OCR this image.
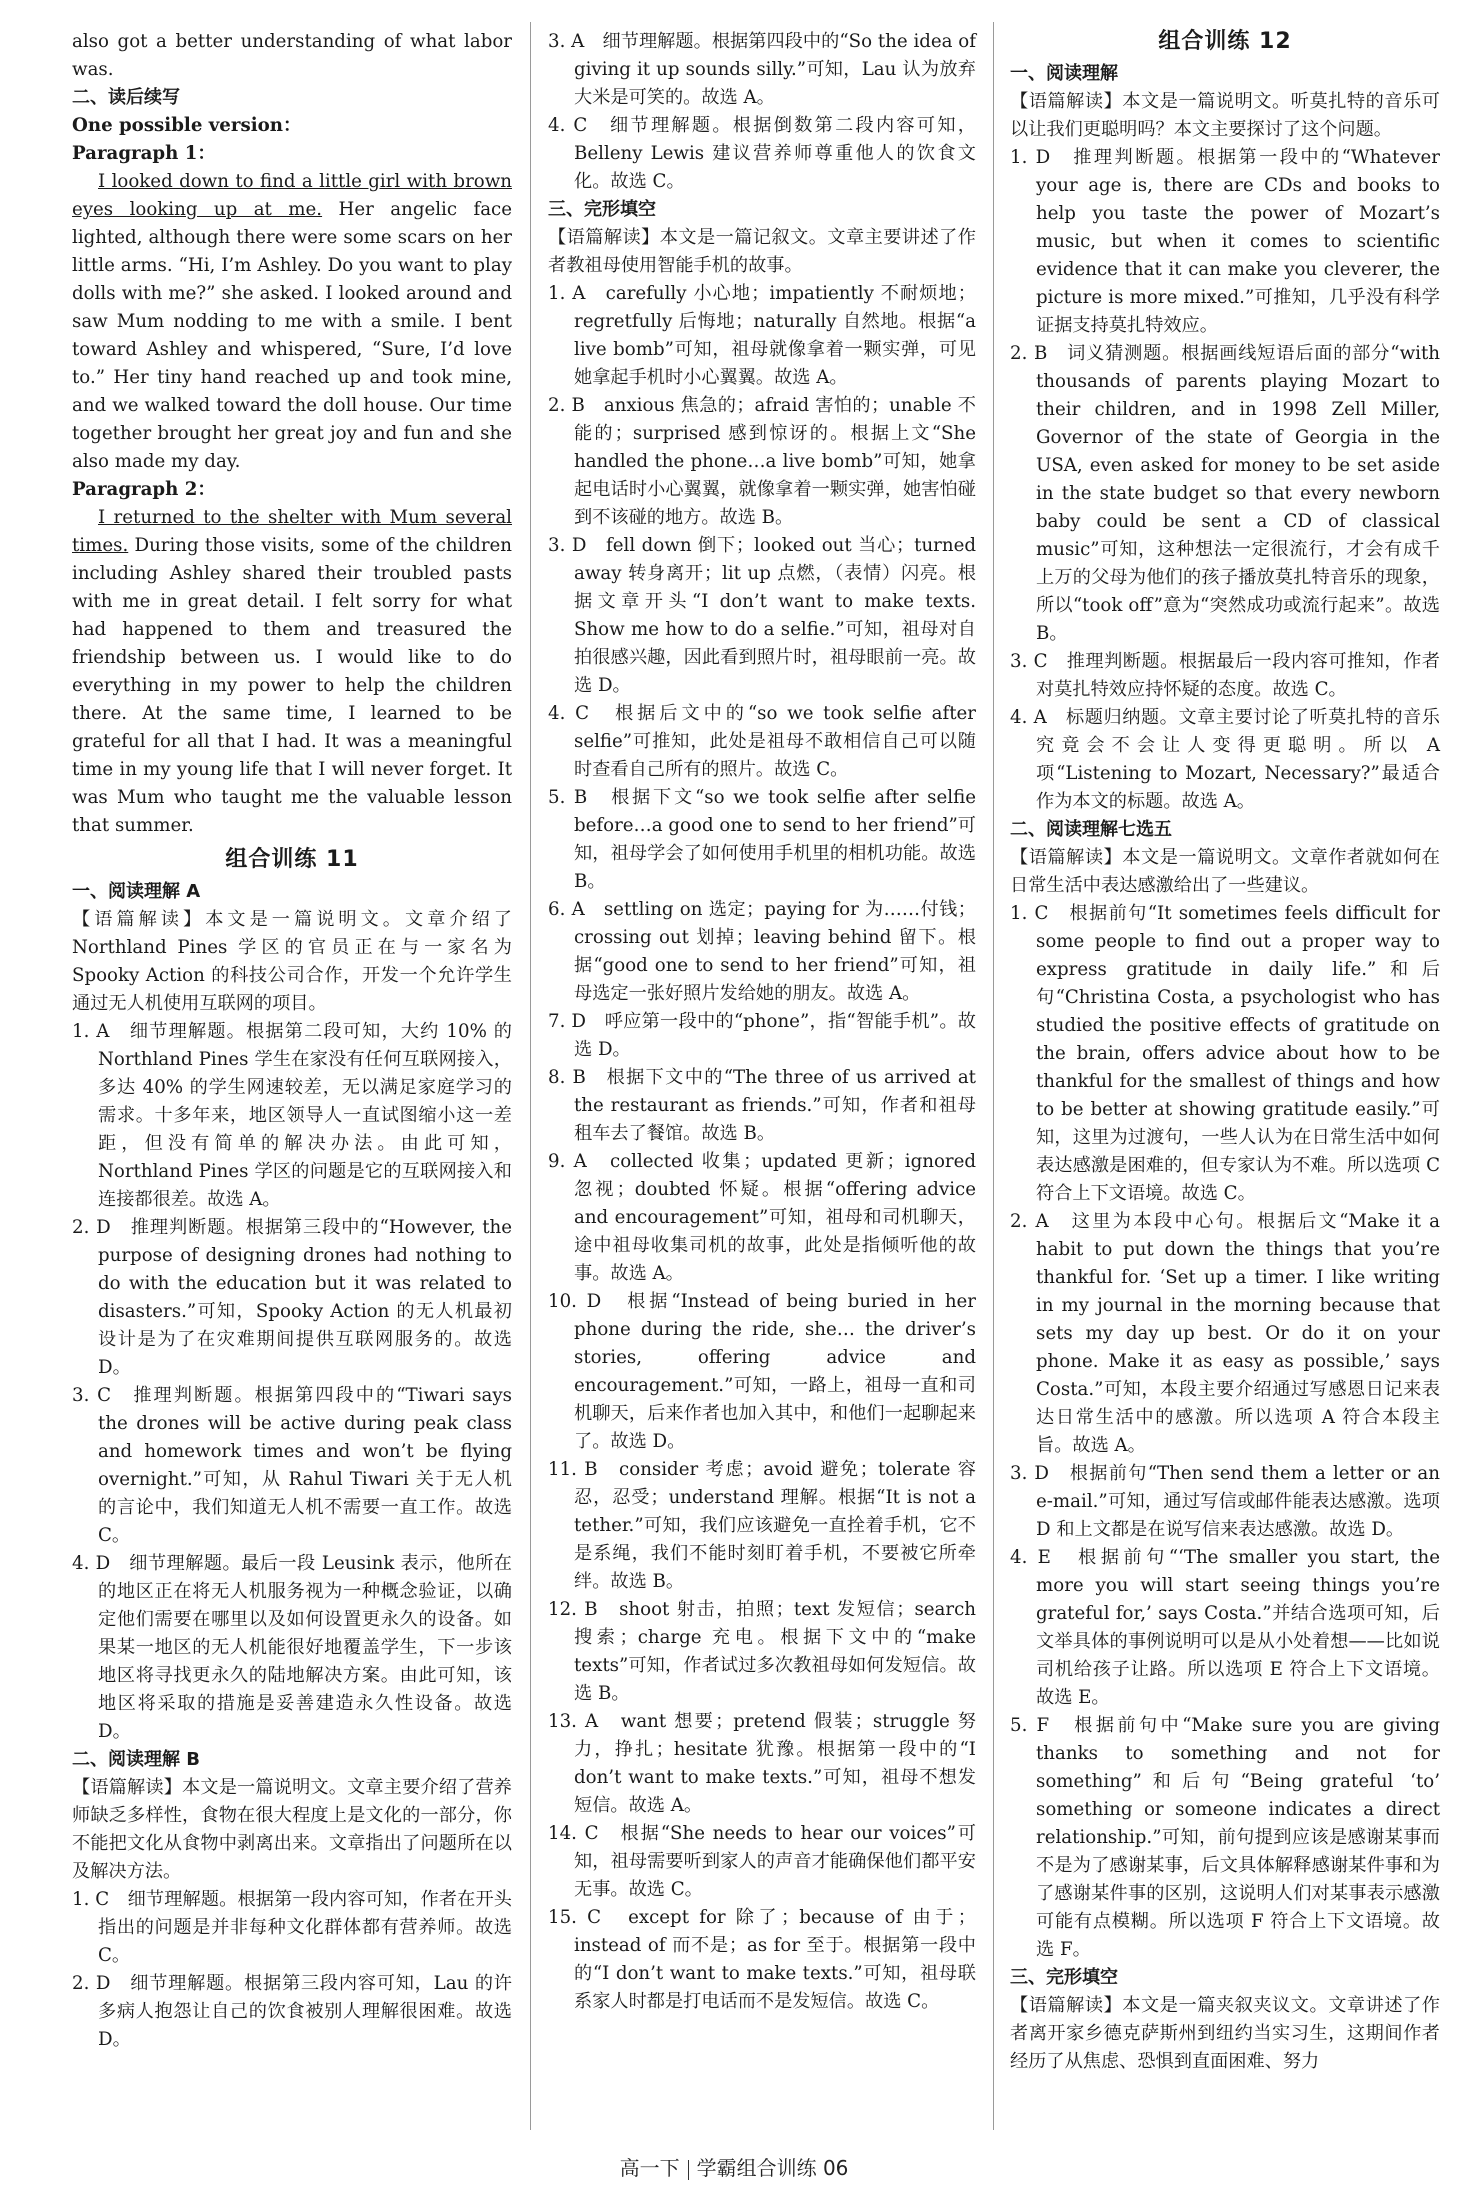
also got a better understanding of what labor was.

二、读后续写

One possible version：

Paragraph 1：

I looked down to find a little girl with brown eyes looking up at me. Her angelic face lighted, although there were some scars on her little arms. “Hi, I’m Ashley. Do you want to play dolls with me?” she asked. I looked around and saw Mum nodding to me with a smile. I bent toward Ashley and whispered, “Sure, I’d love to.” Her tiny hand reached up and took mine, and we walked toward the doll house. Our time together brought her great joy and fun and she also made my day.

Paragraph 2：

I returned to the shelter with Mum several times. During those visits, some of the children including Ashley shared their troubled pasts with me in great detail. I felt sorry for what had happened to them and treasured the friendship between us. I would like to do everything in my power to help the children there. At the same time, I learned to be grateful for all that I had. It was a meaningful time in my young life that I will never forget. It was Mum who taught me the valuable lesson that summer.

组合训练 11

一、阅读理解 A

【语篇解读】本文是一篇说明文。文章介绍了 Northland Pines 学区的官员正在与一家名为 Spooky Action 的科技公司合作，开发一个允许学生通过无人机使用互联网的项目。

1. A　细节理解题。根据第二段可知，大约 10% 的 Northland Pines 学生在家没有任何互联网接入，多达 40% 的学生网速较差，无以满足家庭学习的需求。十多年来，地区领导人一直试图缩小这一差距，但没有简单的解决办法。由此可知，Northland Pines 学区的问题是它的互联网接入和连接都很差。故选 A。

2. D　推理判断题。根据第三段中的“However, the purpose of designing drones had nothing to do with the education but it was related to disasters.”可知，Spooky Action 的无人机最初设计是为了在灾难期间提供互联网服务的。故选 D。

3. C　推理判断题。根据第四段中的“Tiwari says the drones will be active during peak class and homework times and won’t be flying overnight.”可知，从 Rahul Tiwari 关于无人机的言论中，我们知道无人机不需要一直工作。故选 C。

4. D　细节理解题。最后一段 Leusink 表示，他所在的地区正在将无人机服务视为一种概念验证，以确定他们需要在哪里以及如何设置更永久的设备。如果某一地区的无人机能很好地覆盖学生，下一步该地区将寻找更永久的陆地解决方案。由此可知，该地区将采取的措施是妥善建造永久性设备。故选 D。

二、阅读理解 B

【语篇解读】本文是一篇说明文。文章主要介绍了营养师缺乏多样性，食物在很大程度上是文化的一部分，你不能把文化从食物中剥离出来。文章指出了问题所在以及解决方法。

1. C　细节理解题。根据第一段内容可知，作者在开头指出的问题是并非每种文化群体都有营养师。故选 C。

2. D　细节理解题。根据第三段内容可知，Lau 的许多病人抱怨让自己的饮食被别人理解很困难。故选 D。

3. A　细节理解题。根据第四段中的“So the idea of giving it up sounds silly.”可知，Lau 认为放弃大米是可笑的。故选 A。

4. C　细节理解题。根据倒数第二段内容可知，Belleny Lewis 建议营养师尊重他人的饮食文化。故选 C。

三、完形填空

【语篇解读】本文是一篇记叙文。文章主要讲述了作者教祖母使用智能手机的故事。

1. A　carefully 小心地；impatiently 不耐烦地；regretfully 后悔地；naturally 自然地。根据“a live bomb”可知，祖母就像拿着一颗实弹，可见她拿起手机时小心翼翼。故选 A。

2. B　anxious 焦急的；afraid 害怕的；unable 不能的；surprised 感到惊讶的。根据上文“She handled the phone…a live bomb”可知，她拿起电话时小心翼翼，就像拿着一颗实弹，她害怕碰到不该碰的地方。故选 B。

3. D　fell down 倒下；looked out 当心；turned away 转身离开；lit up 点燃，（表情）闪亮。根据文章开头“I don’t want to make texts. Show me how to do a selfie.”可知，祖母对自拍很感兴趣，因此看到照片时，祖母眼前一亮。故选 D。

4. C　根据后文中的“so we took selfie after selfie”可推知，此处是祖母不敢相信自己可以随时查看自己所有的照片。故选 C。

5. B　根据下文“so we took selfie after selfie before…a good one to send to her friend”可知，祖母学会了如何使用手机里的相机功能。故选 B。

6. A　settling on 选定；paying for 为……付钱；crossing out 划掉；leaving behind 留下。根据“good one to send to her friend”可知，祖母选定一张好照片发给她的朋友。故选 A。

7. D　呼应第一段中的“phone”，指“智能手机”。故选 D。

8. B　根据下文中的“The three of us arrived at the restaurant as friends.”可知，作者和祖母租车去了餐馆。故选 B。

9. A　collected 收集；updated 更新；ignored 忽视；doubted 怀疑。根据“offering advice and encouragement”可知，祖母和司机聊天，途中祖母收集司机的故事，此处是指倾听他的故事。故选 A。

10. D　根据“Instead of being buried in her phone during the ride, she… the driver’s stories, offering advice and encouragement.”可知，一路上，祖母一直和司机聊天，后来作者也加入其中，和他们一起聊起来了。故选 D。

11. B　consider 考虑；avoid 避免；tolerate 容忍，忍受；understand 理解。根据“It is not a tether.”可知，我们应该避免一直拴着手机，它不是系绳，我们不能时刻盯着手机，不要被它所牵绊。故选 B。

12. B　shoot 射击，拍照；text 发短信；search 搜索；charge 充电。根据下文中的“make texts”可知，作者试过多次教祖母如何发短信。故选 B。

13. A　want 想要；pretend 假装；struggle 努力，挣扎；hesitate 犹豫。根据第一段中的“I don’t want to make texts.”可知，祖母不想发短信。故选 A。

14. C　根据“She needs to hear our voices”可知，祖母需要听到家人的声音才能确保他们都平安无事。故选 C。

15. C　except for 除了；because of 由于；instead of 而不是；as for 至于。根据第一段中的“I don’t want to make texts.”可知，祖母联系家人时都是打电话而不是发短信。故选 C。

组合训练 12

一、阅读理解

【语篇解读】本文是一篇说明文。听莫扎特的音乐可以让我们更聪明吗？本文主要探讨了这个问题。

1. D　推理判断题。根据第一段中的“Whatever your age is, there are CDs and books to help you taste the power of Mozart’s music, but when it comes to scientific evidence that it can make you cleverer, the picture is more mixed.”可推知，几乎没有科学证据支持莫扎特效应。

2. B　词义猜测题。根据画线短语后面的部分“with thousands of parents playing Mozart to their children, and in 1998 Zell Miller, Governor of the state of Georgia in the USA, even asked for money to be set aside in the state budget so that every newborn baby could be sent a CD of classical music”可知，这种想法一定很流行，才会有成千上万的父母为他们的孩子播放莫扎特音乐的现象，所以“took off”意为“突然成功或流行起来”。故选 B。

3. C　推理判断题。根据最后一段内容可推知，作者对莫扎特效应持怀疑的态度。故选 C。

4. A　标题归纳题。文章主要讨论了听莫扎特的音乐究竟会不会让人变得更聪明。所以 A 项“Listening to Mozart, Necessary?”最适合作为本文的标题。故选 A。

二、阅读理解七选五

【语篇解读】本文是一篇说明文。文章作者就如何在日常生活中表达感激给出了一些建议。

1. C　根据前句“It sometimes feels difficult for some people to find out a proper way to express gratitude in daily life.”和后句“Christina Costa, a psychologist who has studied the positive effects of gratitude on the brain, offers advice about how to be thankful for the smallest of things and how to be better at showing gratitude easily.”可知，这里为过渡句，一些人认为在日常生活中如何表达感激是困难的，但专家认为不难。所以选项 C 符合上下文语境。故选 C。

2. A　这里为本段中心句。根据后文“Make it a habit to put down the things that you’re thankful for. ‘Set up a timer. I like writing in my journal in the morning because that sets my day up best. Or do it on your phone. Make it as easy as possible,’ says Costa.”可知，本段主要介绍通过写感恩日记来表达日常生活中的感激。所以选项 A 符合本段主旨。故选 A。

3. D　根据前句“Then send them a letter or an e-mail.”可知，通过写信或邮件能表达感激。选项 D 和上文都是在说写信来表达感激。故选 D。

4. E　根据前句“‘The smaller you start, the more you will start seeing things you’re grateful for,’ says Costa.”并结合选项可知，后文举具体的事例说明可以是从小处着想——比如说司机给孩子让路。所以选项 E 符合上下文语境。故选 E。

5. F　根据前句中“Make sure you are giving thanks to something and not for something”和后句“Being grateful ‘to’ something or someone indicates a direct relationship.”可知，前句提到应该是感谢某事而不是为了感谢某事，后文具体解释感谢某件事和为了感谢某件事的区别，这说明人们对某事表示感激可能有点模糊。所以选项 F 符合上下文语境。故选 F。

三、完形填空

【语篇解读】本文是一篇夹叙夹议文。文章讲述了作者离开家乡德克萨斯州到纽约当实习生，这期间作者经历了从焦虑、恐惧到直面困难、努力

高一下 学霸组合训练 06
